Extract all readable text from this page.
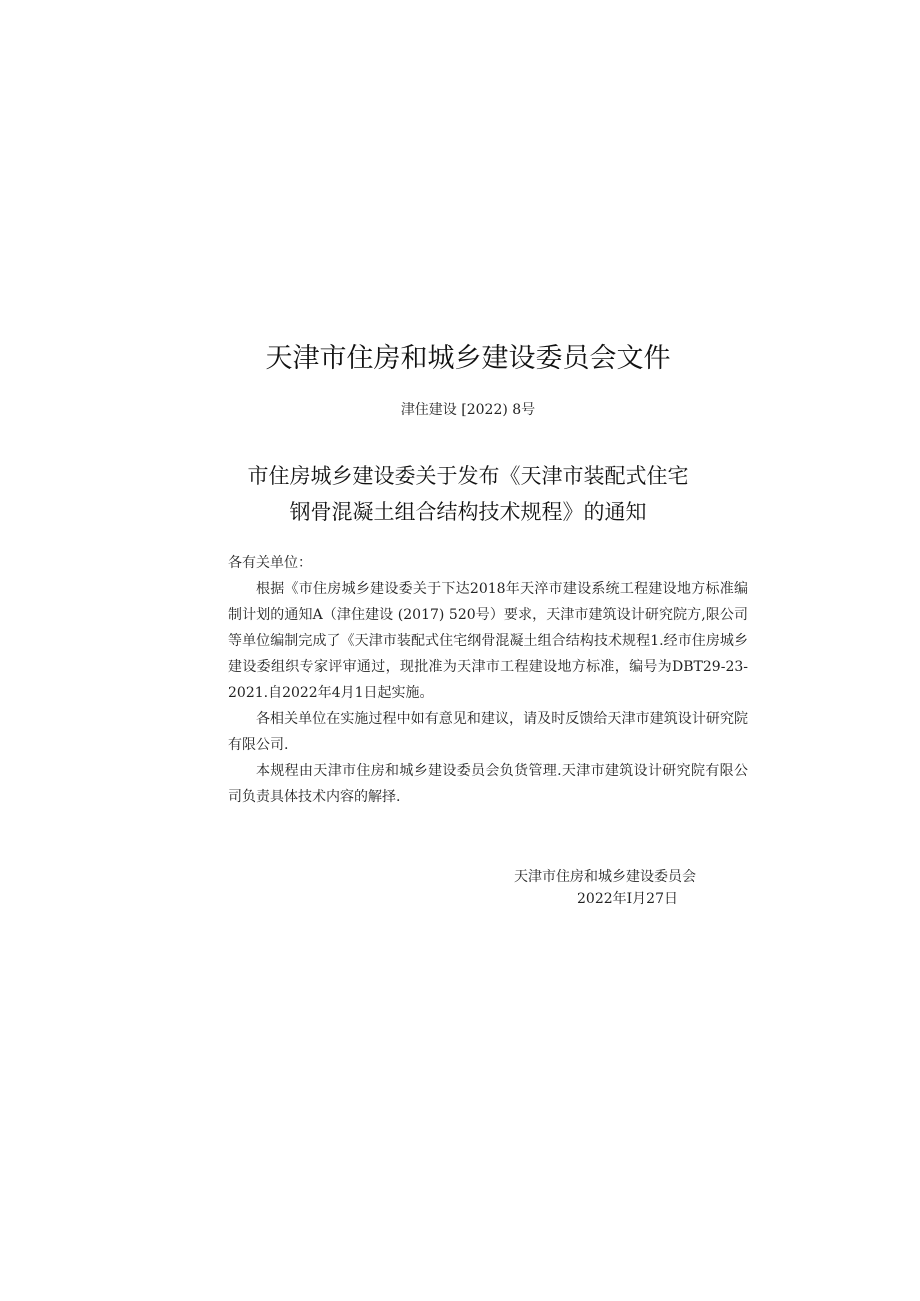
天津市住房和城乡建设委员会文件
津住建设 [2022) 8号
市住房城乡建设委关于发布《天津市装配式住宅
钢骨混凝土组合结构技术规程》的通知
各有关单位：

根据《市住房城乡建设委关于下达2018年天淬市建设系统工程建设地方标准编制计划的通知A（津住建设 (2017) 520号）要求，天津市建筑设计研究院方,限公司等单位编制完成了《天津市装配式住宅纲骨混凝土组合结构技术规程1.经市住房城乡建设委组织专家评审通过，现批准为天津市工程建设地方标准，编号为DBT29-23-2021.自2022年4月1日起实施。

各相关单位在实施过程中如有意见和建议，请及时反馈给天津市建筑设计研究院有限公司.

本规程由天津市住房和城乡建设委员会负货管理.天津市建筑设计研究院有限公司负责具体技术内容的解择.

天津市住房和城乡建设委员会
2022年I月27日
